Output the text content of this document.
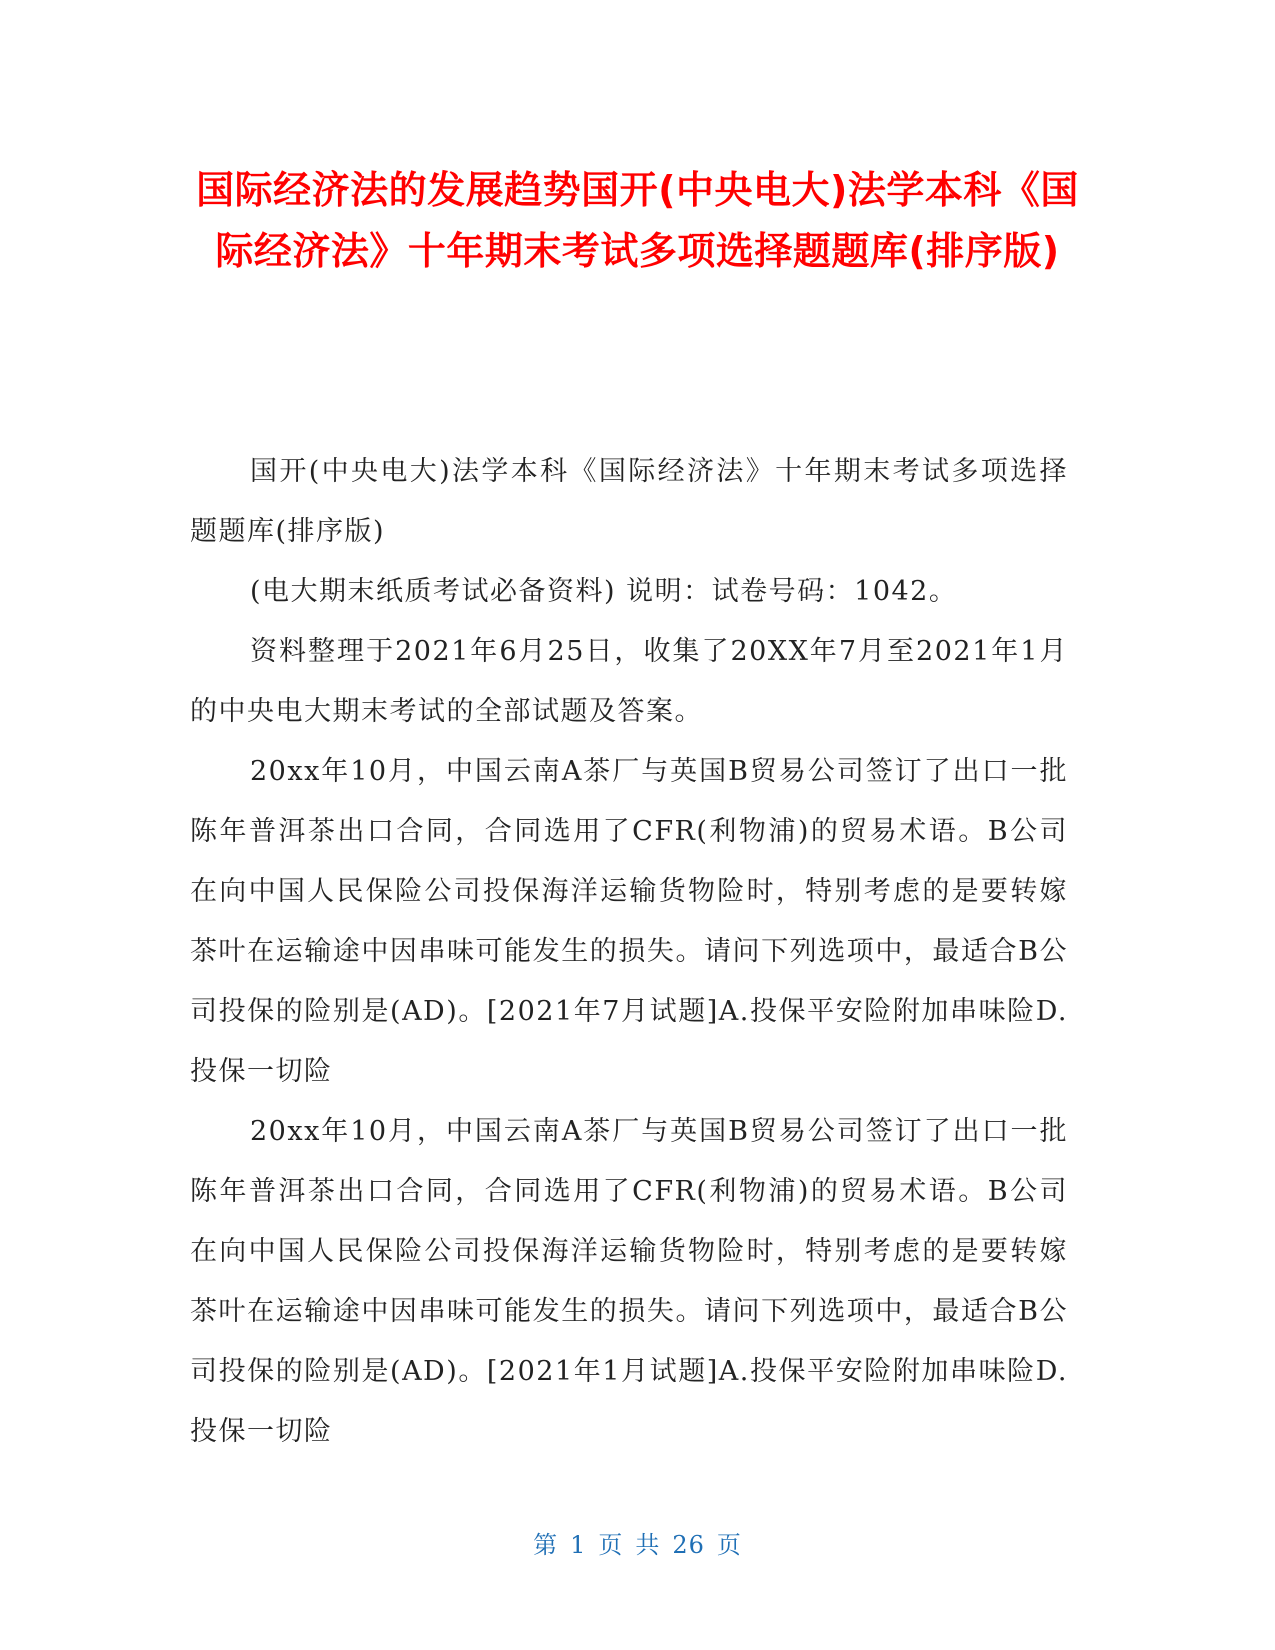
国际经济法的发展趋势国开(中央电大)法学本科《国际经济法》十年期末考试多项选择题题库(排序版)

国开(中央电大)法学本科《国际经济法》十年期末考试多项选择题题库(排序版)

(电大期末纸质考试必备资料) 说明：试卷号码：1042。

资料整理于2021年6月25日，收集了20XX年7月至2021年1月的中央电大期末考试的全部试题及答案。

20xx年10月，中国云南A茶厂与英国B贸易公司签订了出口一批陈年普洱茶出口合同，合同选用了CFR(利物浦)的贸易术语。B公司在向中国人民保险公司投保海洋运输货物险时，特别考虑的是要转嫁茶叶在运输途中因串味可能发生的损失。请问下列选项中，最适合B公司投保的险别是(AD)。[2021年7月试题]A.投保平安险附加串味险D.投保一切险

20xx年10月，中国云南A茶厂与英国B贸易公司签订了出口一批陈年普洱茶出口合同，合同选用了CFR(利物浦)的贸易术语。B公司在向中国人民保险公司投保海洋运输货物险时，特别考虑的是要转嫁茶叶在运输途中因串味可能发生的损失。请问下列选项中，最适合B公司投保的险别是(AD)。[2021年1月试题]A.投保平安险附加串味险D.投保一切险

第 1 页 共 26 页
